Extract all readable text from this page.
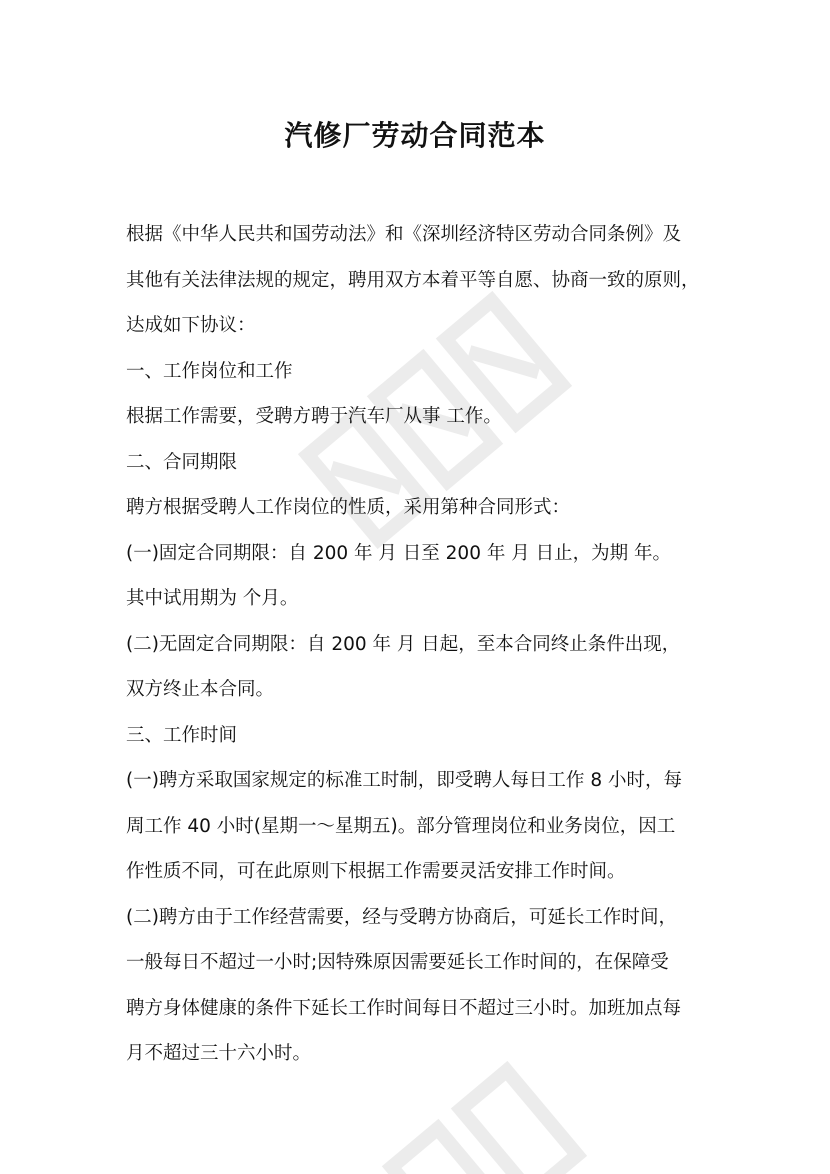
汽修厂劳动合同范本
根据《中华人民共和国劳动法》和《深圳经济特区劳动合同条例》及
其他有关法律法规的规定，聘用双方本着平等自愿、协商一致的原则，
达成如下协议：
一、工作岗位和工作
根据工作需要，受聘方聘于汽车厂从事 工作。
二、合同期限
聘方根据受聘人工作岗位的性质，采用第种合同形式：
(一)固定合同期限：自 200 年 月 日至 200 年 月 日止，为期 年。
其中试用期为 个月。
(二)无固定合同期限：自 200 年 月 日起，至本合同终止条件出现，
双方终止本合同。
三、工作时间
(一)聘方采取国家规定的标准工时制，即受聘人每日工作 8 小时，每
周工作 40 小时(星期一～星期五)。部分管理岗位和业务岗位，因工
作性质不同，可在此原则下根据工作需要灵活安排工作时间。
(二)聘方由于工作经营需要，经与受聘方协商后，可延长工作时间，
一般每日不超过一小时;因特殊原因需要延长工作时间的，在保障受
聘方身体健康的条件下延长工作时间每日不超过三小时。加班加点每
月不超过三十六小时。
